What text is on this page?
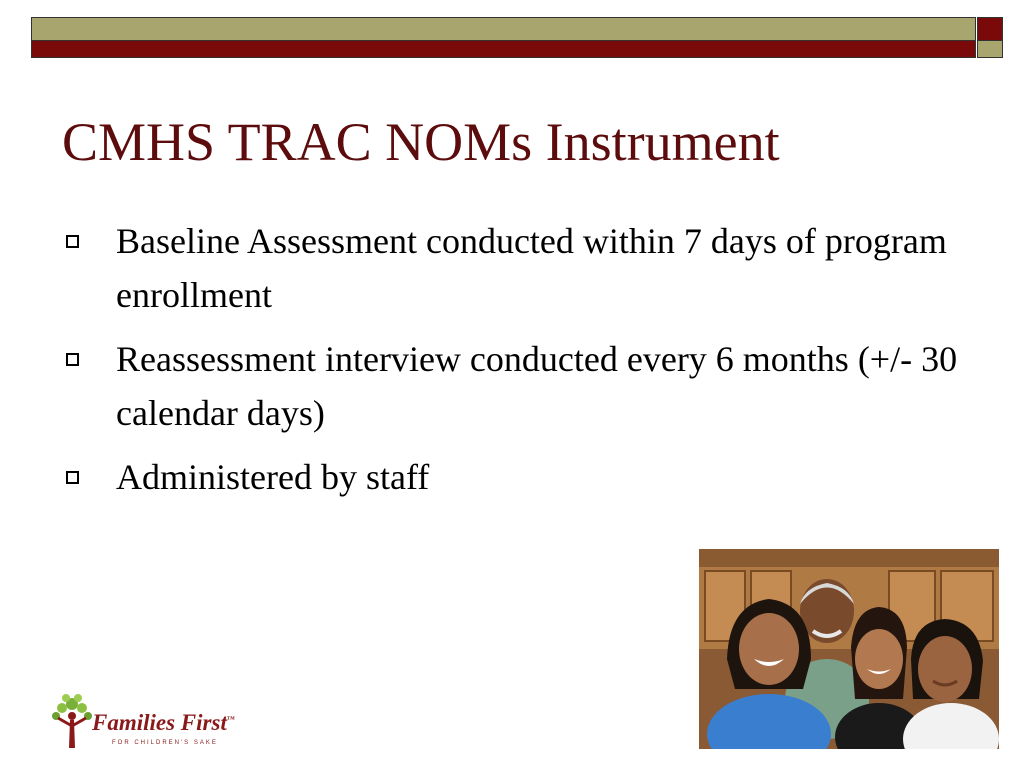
CMHS TRAC NOMs Instrument
Baseline Assessment conducted within 7 days of program enrollment
Reassessment interview conducted every 6 months (+/- 30 calendar days)
Administered by staff
Families First™
FOR CHILDREN'S SAKE
